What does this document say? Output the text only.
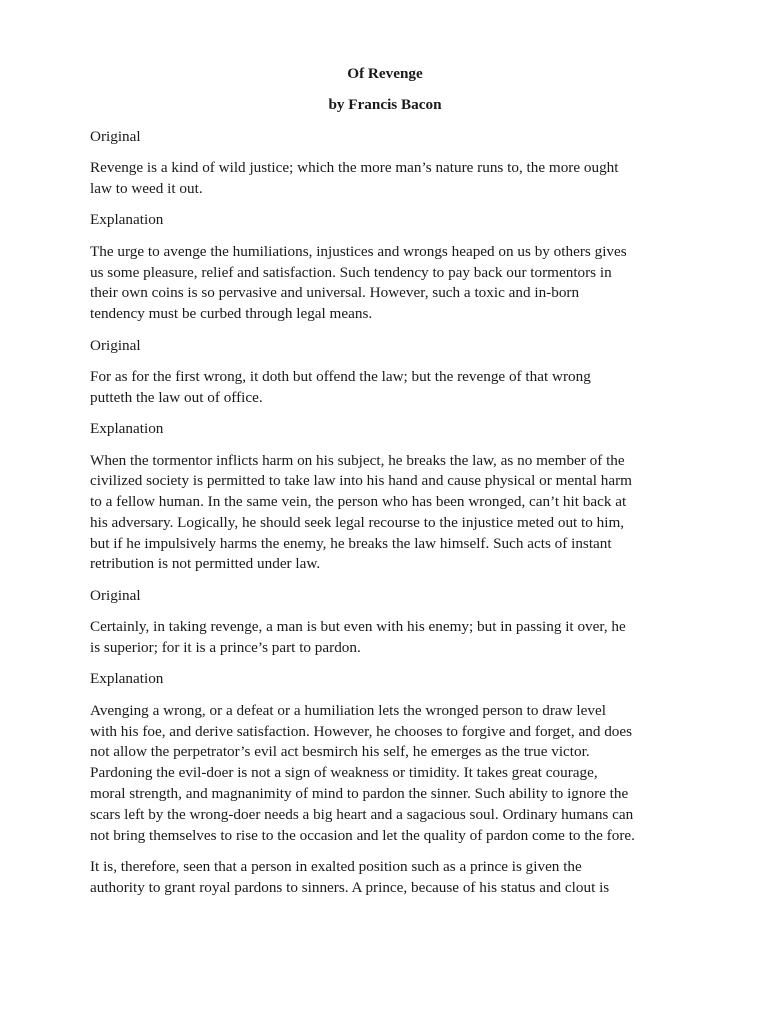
Of Revenge
by Francis Bacon
Original
Revenge is a kind of wild justice; which the more man’s nature runs to, the more ought
law to weed it out.
Explanation
The urge to avenge the humiliations, injustices and wrongs heaped on us by others gives
us some pleasure, relief and satisfaction. Such tendency to pay back our tormentors in
their own coins is so pervasive and universal. However, such a toxic and in-born
tendency must be curbed through legal means.
Original
For as for the first wrong, it doth but offend the law; but the revenge of that wrong
putteth the law out of office.
Explanation
When the tormentor inflicts harm on his subject, he breaks the law, as no member of the
civilized society is permitted to take law into his hand and cause physical or mental harm
to a fellow human. In the same vein, the person who has been wronged, can’t hit back at
his adversary. Logically, he should seek legal recourse to the injustice meted out to him,
but if he impulsively harms the enemy, he breaks the law himself. Such acts of instant
retribution is not permitted under law.
Original
Certainly, in taking revenge, a man is but even with his enemy; but in passing it over, he
is superior; for it is a prince’s part to pardon.
Explanation
Avenging a wrong, or a defeat or a humiliation lets the wronged person to draw level
with his foe, and derive satisfaction. However, he chooses to forgive and forget, and does
not allow the perpetrator’s evil act besmirch his self, he emerges as the true victor.
Pardoning the evil-doer is not a sign of weakness or timidity. It takes great courage,
moral strength, and magnanimity of mind to pardon the sinner. Such ability to ignore the
scars left by the wrong-doer needs a big heart and a sagacious soul. Ordinary humans can
not bring themselves to rise to the occasion and let the quality of pardon come to the fore.
It is, therefore, seen that a person in exalted position such as a prince is given the
authority to grant royal pardons to sinners. A prince, because of his status and clout is
